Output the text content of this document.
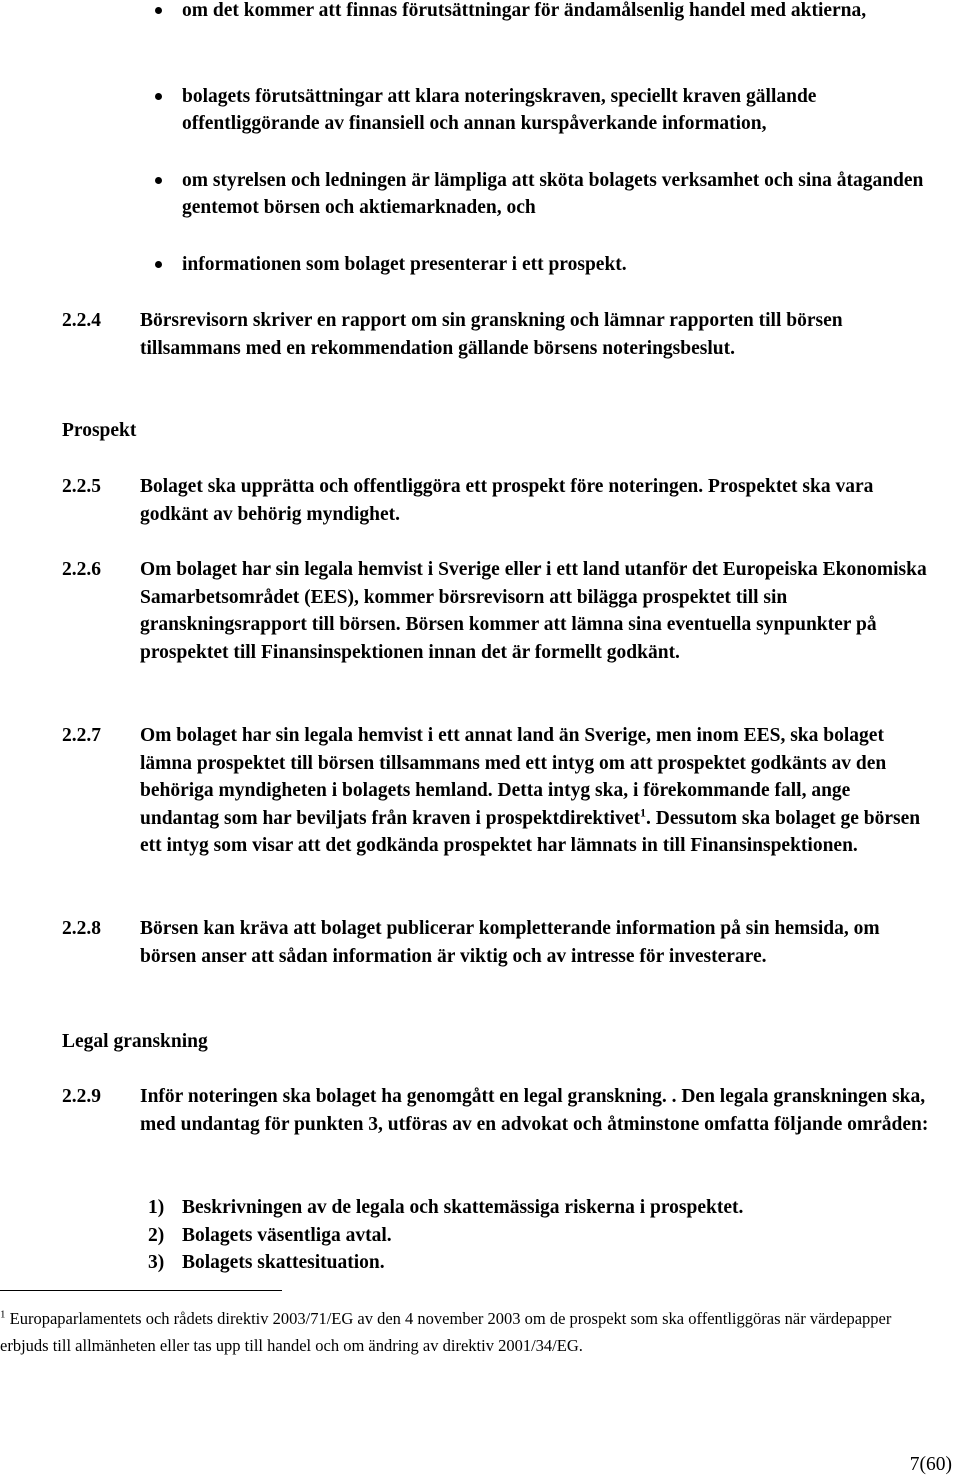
om det kommer att finnas förutsättningar för ändamålsenlig handel med aktierna,
bolagets förutsättningar att klara noteringskraven, speciellt kraven gällande offentliggörande av finansiell och annan kurspåverkande information,
om styrelsen och ledningen är lämpliga att sköta bolagets verksamhet och sina åtaganden gentemot börsen och aktiemarknaden, och
informationen som bolaget presenterar i ett prospekt.
2.2.4 Börsrevisorn skriver en rapport om sin granskning och lämnar rapporten till börsen tillsammans med en rekommendation gällande börsens noteringsbeslut.
Prospekt
2.2.5 Bolaget ska upprätta och offentliggöra ett prospekt före noteringen. Prospektet ska vara godkänt av behörig myndighet.
2.2.6 Om bolaget har sin legala hemvist i Sverige eller i ett land utanför det Europeiska Ekonomiska Samarbetsområdet (EES), kommer börsrevisorn att bilägga prospektet till sin granskningsrapport till börsen. Börsen kommer att lämna sina eventuella synpunkter på prospektet till Finansinspektionen innan det är formellt godkänt.
2.2.7 Om bolaget har sin legala hemvist i ett annat land än Sverige, men inom EES, ska bolaget lämna prospektet till börsen tillsammans med ett intyg om att prospektet godkänts av den behöriga myndigheten i bolagets hemland. Detta intyg ska, i förekommande fall, ange undantag som har beviljats från kraven i prospektdirektivet$^1$. Dessutom ska bolaget ge börsen ett intyg som visar att det godkända prospektet har lämnats in till Finansinspektionen.
2.2.8 Börsen kan kräva att bolaget publicerar kompletterande information på sin hemsida, om börsen anser att sådan information är viktig och av intresse för investerare.
Legal granskning
2.2.9 Inför noteringen ska bolaget ha genomgått en legal granskning. . Den legala granskningen ska, med undantag för punkten 3, utföras av en advokat och åtminstone omfatta följande områden:
1) Beskrivningen av de legala och skattemässiga riskerna i prospektet.
2) Bolagets väsentliga avtal.
3) Bolagets skattesituation.
$^1$ Europaparlamentets och rådets direktiv 2003/71/EG av den 4 november 2003 om de prospekt som ska offentliggöras när värdepapper erbjuds till allmänheten eller tas upp till handel och om ändring av direktiv 2001/34/EG.
7(60)
